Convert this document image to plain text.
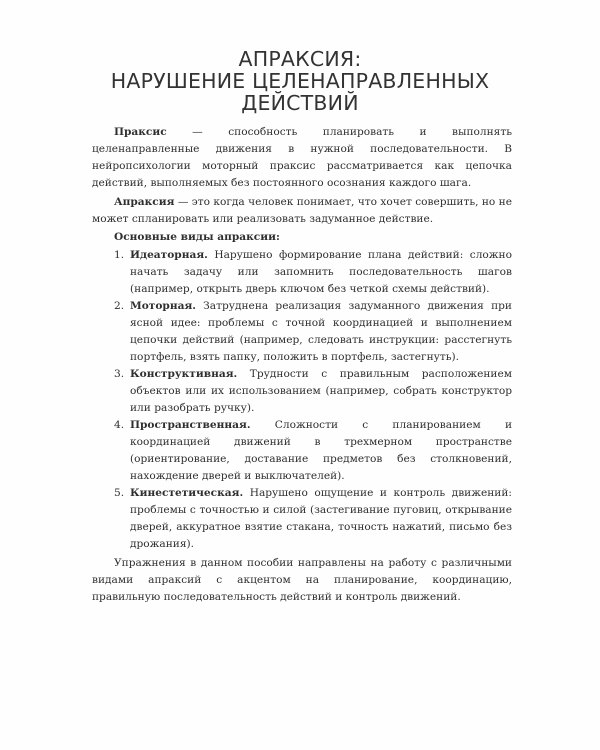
АПРАКСИЯ:
НАРУШЕНИЕ ЦЕЛЕНАПРАВЛЕННЫХ
ДЕЙСТВИЙ

Праксис — способность планировать и выполнять целенаправленные движения в нужной последовательности. В нейропсихологии моторный праксис рассматривается как цепочка действий, выполняемых без постоянного осознания каждого шага.

Апраксия — это когда человек понимает, что хочет совершить, но не может спланировать или реализовать задуманное действие.

Основные виды апраксии:
1. Идеаторная. Нарушено формирование плана действий: сложно начать задачу или запомнить последовательность шагов (например, открыть дверь ключом без четкой схемы действий).
2. Моторная. Затруднена реализация задуманного движения при ясной идее: проблемы с точной координацией и выполнением цепочки действий (например, следовать инструкции: расстегнуть портфель, взять папку, положить в портфель, застегнуть).
3. Конструктивная. Трудности с правильным расположением объектов или их использованием (например, собрать конструктор или разобрать ручку).
4. Пространственная. Сложности с планированием и координацией движений в трехмерном пространстве (ориентирование, доставание предметов без столкновений, нахождение дверей и выключателей).
5. Кинестетическая. Нарушено ощущение и контроль движений: проблемы с точностью и силой (застегивание пуговиц, открывание дверей, аккуратное взятие стакана, точность нажатий, письмо без дрожания).

Упражнения в данном пособии направлены на работу с различными видами апраксий с акцентом на планирование, координацию, правильную последовательность действий и контроль движений.
